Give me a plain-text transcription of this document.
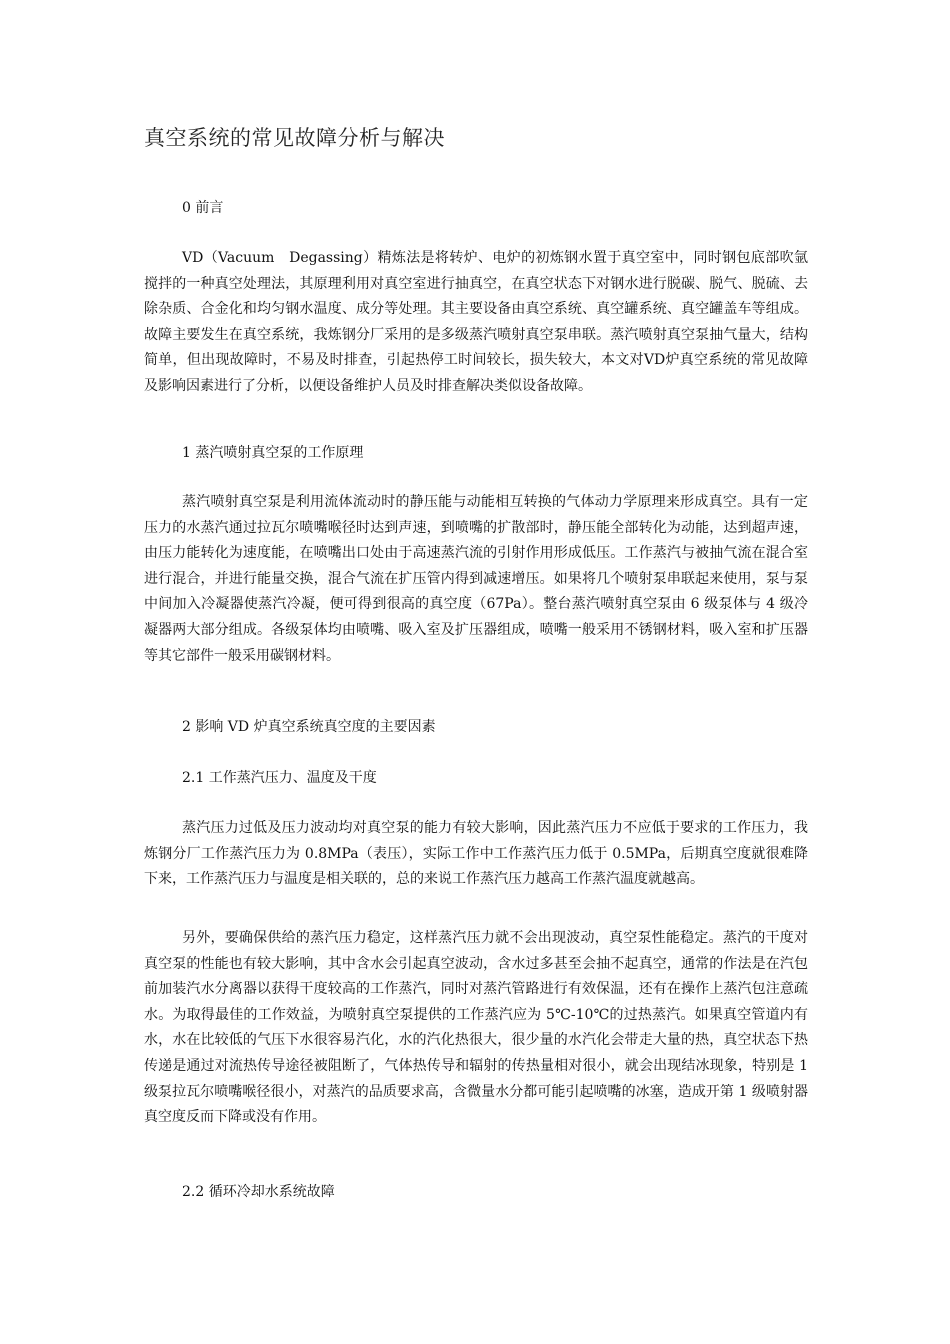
真空系统的常见故障分析与解决

0 前言

VD（Vacuum　Degassing）精炼法是将转炉、电炉的初炼钢水置于真空室中，同时钢包底部吹氩搅拌的一种真空处理法，其原理利用对真空室进行抽真空，在真空状态下对钢水进行脱碳、脱气、脱硫、去除杂质、合金化和均匀钢水温度、成分等处理。其主要设备由真空系统、真空罐系统、真空罐盖车等组成。故障主要发生在真空系统，我炼钢分厂采用的是多级蒸汽喷射真空泵串联。蒸汽喷射真空泵抽气量大，结构简单，但出现故障时，不易及时排查，引起热停工时间较长，损失较大，本文对VD炉真空系统的常见故障及影响因素进行了分析，以便设备维护人员及时排查解决类似设备故障。

1 蒸汽喷射真空泵的工作原理

蒸汽喷射真空泵是利用流体流动时的静压能与动能相互转换的气体动力学原理来形成真空。具有一定压力的水蒸汽通过拉瓦尔喷嘴喉径时达到声速，到喷嘴的扩散部时，静压能全部转化为动能，达到超声速，由压力能转化为速度能，在喷嘴出口处由于高速蒸汽流的引射作用形成低压。工作蒸汽与被抽气流在混合室进行混合，并进行能量交换，混合气流在扩压管内得到减速增压。如果将几个喷射泵串联起来使用，泵与泵中间加入冷凝器使蒸汽冷凝，便可得到很高的真空度（67Pa）。整台蒸汽喷射真空泵由 6 级泵体与 4 级冷凝器两大部分组成。各级泵体均由喷嘴、吸入室及扩压器组成，喷嘴一般采用不锈钢材料，吸入室和扩压器等其它部件一般采用碳钢材料。

2 影响 VD 炉真空系统真空度的主要因素

2.1 工作蒸汽压力、温度及干度

蒸汽压力过低及压力波动均对真空泵的能力有较大影响，因此蒸汽压力不应低于要求的工作压力，我炼钢分厂工作蒸汽压力为 0.8MPa（表压），实际工作中工作蒸汽压力低于 0.5MPa，后期真空度就很难降下来，工作蒸汽压力与温度是相关联的，总的来说工作蒸汽压力越高工作蒸汽温度就越高。

另外，要确保供给的蒸汽压力稳定，这样蒸汽压力就不会出现波动，真空泵性能稳定。蒸汽的干度对真空泵的性能也有较大影响，其中含水会引起真空波动，含水过多甚至会抽不起真空，通常的作法是在汽包前加装汽水分离器以获得干度较高的工作蒸汽，同时对蒸汽管路进行有效保温，还有在操作上蒸汽包注意疏水。为取得最佳的工作效益，为喷射真空泵提供的工作蒸汽应为 5℃-10℃的过热蒸汽。如果真空管道内有水，水在比较低的气压下水很容易汽化，水的汽化热很大，很少量的水汽化会带走大量的热，真空状态下热传递是通过对流热传导途径被阻断了，气体热传导和辐射的传热量相对很小，就会出现结冰现象，特别是 1 级泵拉瓦尔喷嘴喉径很小，对蒸汽的品质要求高，含微量水分都可能引起喷嘴的冰塞，造成开第 1 级喷射器真空度反而下降或没有作用。

2.2 循环冷却水系统故障
